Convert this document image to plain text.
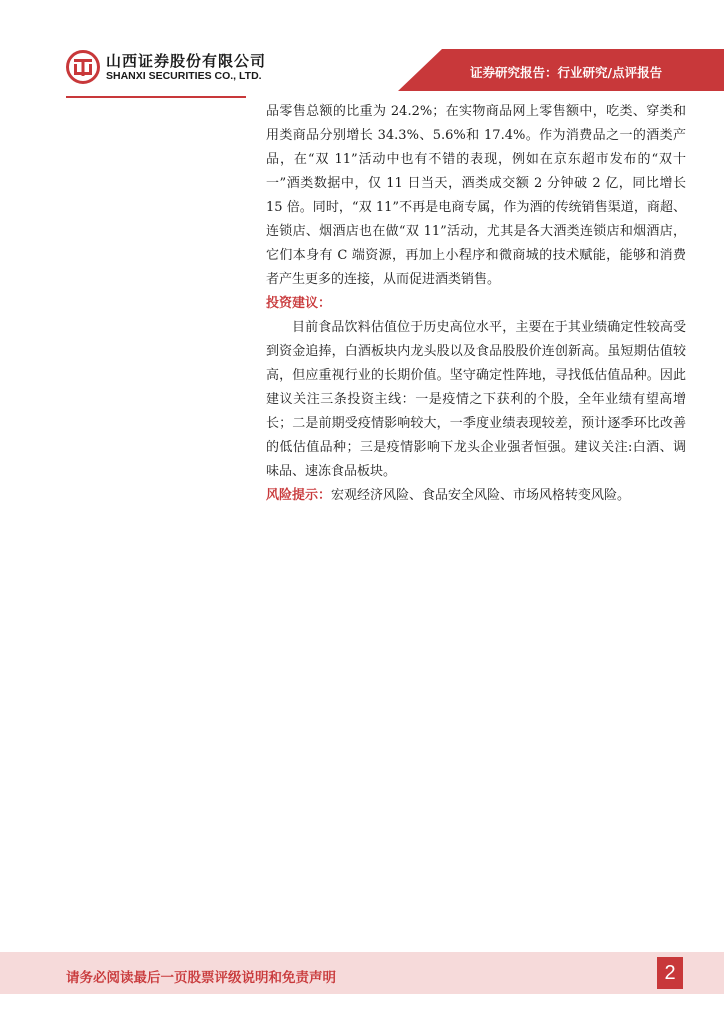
山西证券股份有限公司
SHANXI SECURITIES CO., LTD.	证券研究报告：行业研究/点评报告

品零售总额的比重为 24.2%；在实物商品网上零售额中，吃类、穿类和用类商品分别增长 34.3%、5.6%和 17.4%。作为消费品之一的酒类产品，在“双 11”活动中也有不错的表现，例如在京东超市发布的“双十一”酒类数据中，仅 11 日当天，酒类成交额 2 分钟破 2 亿，同比增长 15 倍。同时，“双 11”不再是电商专属，作为酒的传统销售渠道，商超、连锁店、烟酒店也在做“双 11”活动，尤其是各大酒类连锁店和烟酒店，它们本身有 C 端资源，再加上小程序和微商城的技术赋能，能够和消费者产生更多的连接，从而促进酒类销售。

投资建议：

目前食品饮料估值位于历史高位水平，主要在于其业绩确定性较高受到资金追捧，白酒板块内龙头股以及食品股股价连创新高。虽短期估值较高，但应重视行业的长期价值。坚守确定性阵地，寻找低估值品种。因此建议关注三条投资主线：一是疫情之下获利的个股，全年业绩有望高增长；二是前期受疫情影响较大，一季度业绩表现较差，预计逐季环比改善的低估值品种；三是疫情影响下龙头企业强者恒强。建议关注:白酒、调味品、速冻食品板块。

风险提示：宏观经济风险、食品安全风险、市场风格转变风险。

请务必阅读最后一页股票评级说明和免责声明	2
